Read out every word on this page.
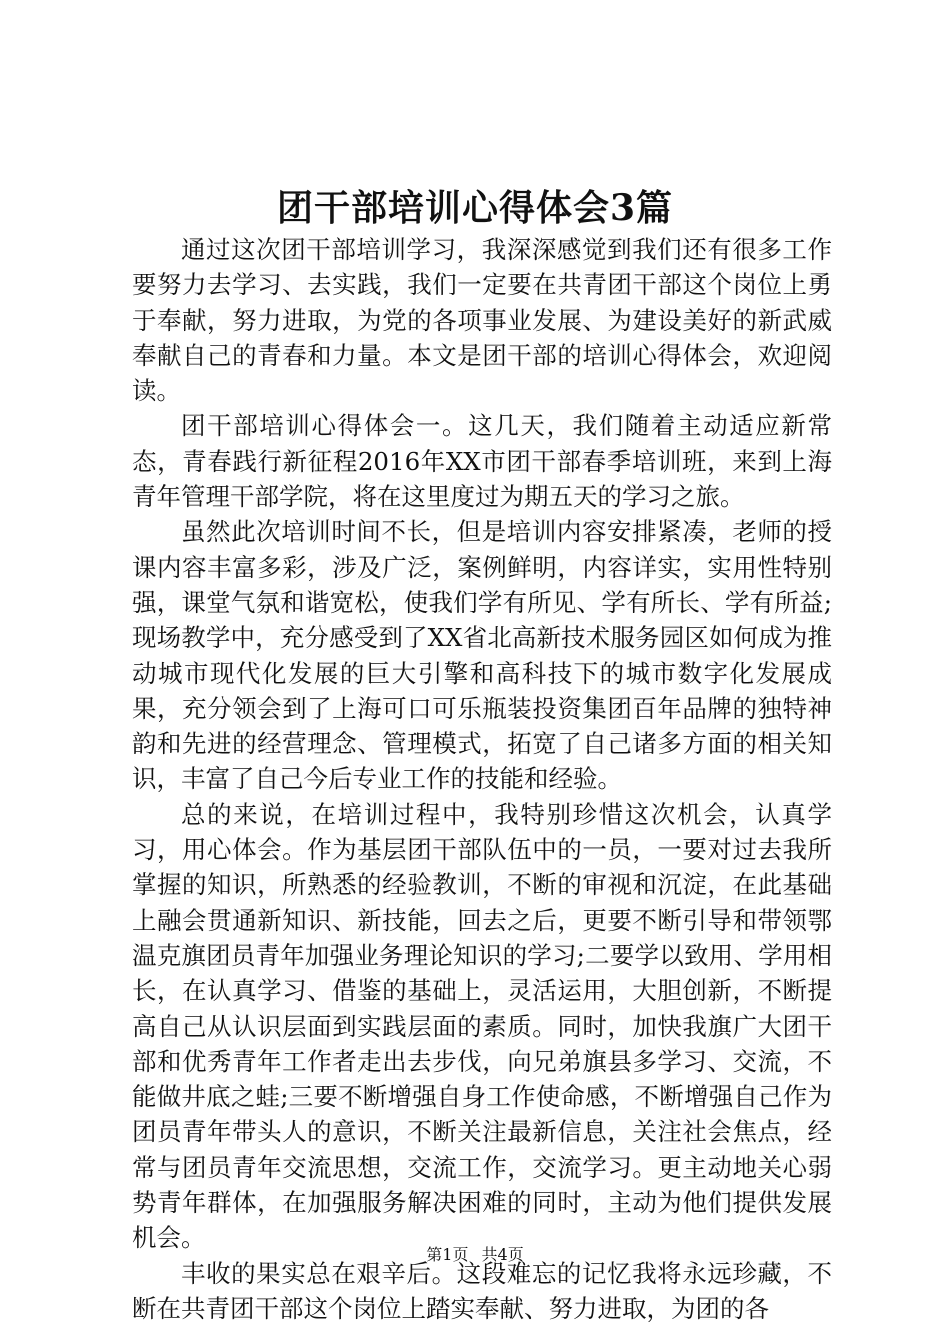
团干部培训心得体会3篇

通过这次团干部培训学习，我深深感觉到我们还有很多工作要努力去学习、去实践，我们一定要在共青团干部这个岗位上勇于奉献，努力进取，为党的各项事业发展、为建设美好的新武威奉献自己的青春和力量。本文是团干部的培训心得体会，欢迎阅读。

团干部培训心得体会一。这几天，我们随着主动适应新常态，青春践行新征程2016年XX市团干部春季培训班，来到上海青年管理干部学院，将在这里度过为期五天的学习之旅。

虽然此次培训时间不长，但是培训内容安排紧凑，老师的授课内容丰富多彩，涉及广泛，案例鲜明，内容详实，实用性特别强，课堂气氛和谐宽松，使我们学有所见、学有所长、学有所益;现场教学中，充分感受到了XX省北高新技术服务园区如何成为推动城市现代化发展的巨大引擎和高科技下的城市数字化发展成果，充分领会到了上海可口可乐瓶装投资集团百年品牌的独特神韵和先进的经营理念、管理模式，拓宽了自己诸多方面的相关知识，丰富了自己今后专业工作的技能和经验。

总的来说，在培训过程中，我特别珍惜这次机会，认真学习，用心体会。作为基层团干部队伍中的一员，一要对过去我所掌握的知识，所熟悉的经验教训，不断的审视和沉淀，在此基础上融会贯通新知识、新技能，回去之后，更要不断引导和带领鄂温克旗团员青年加强业务理论知识的学习;二要学以致用、学用相长，在认真学习、借鉴的基础上，灵活运用，大胆创新，不断提高自己从认识层面到实践层面的素质。同时，加快我旗广大团干部和优秀青年工作者走出去步伐，向兄弟旗县多学习、交流，不能做井底之蛙;三要不断增强自身工作使命感，不断增强自己作为团员青年带头人的意识，不断关注最新信息，关注社会焦点，经常与团员青年交流思想，交流工作，交流学习。更主动地关心弱势青年群体，在加强服务解决困难的同时，主动为他们提供发展机会。

丰收的果实总在艰辛后。这段难忘的记忆我将永远珍藏，不断在共青团干部这个岗位上踏实奉献、努力进取，为团的各

第1页 共4页
